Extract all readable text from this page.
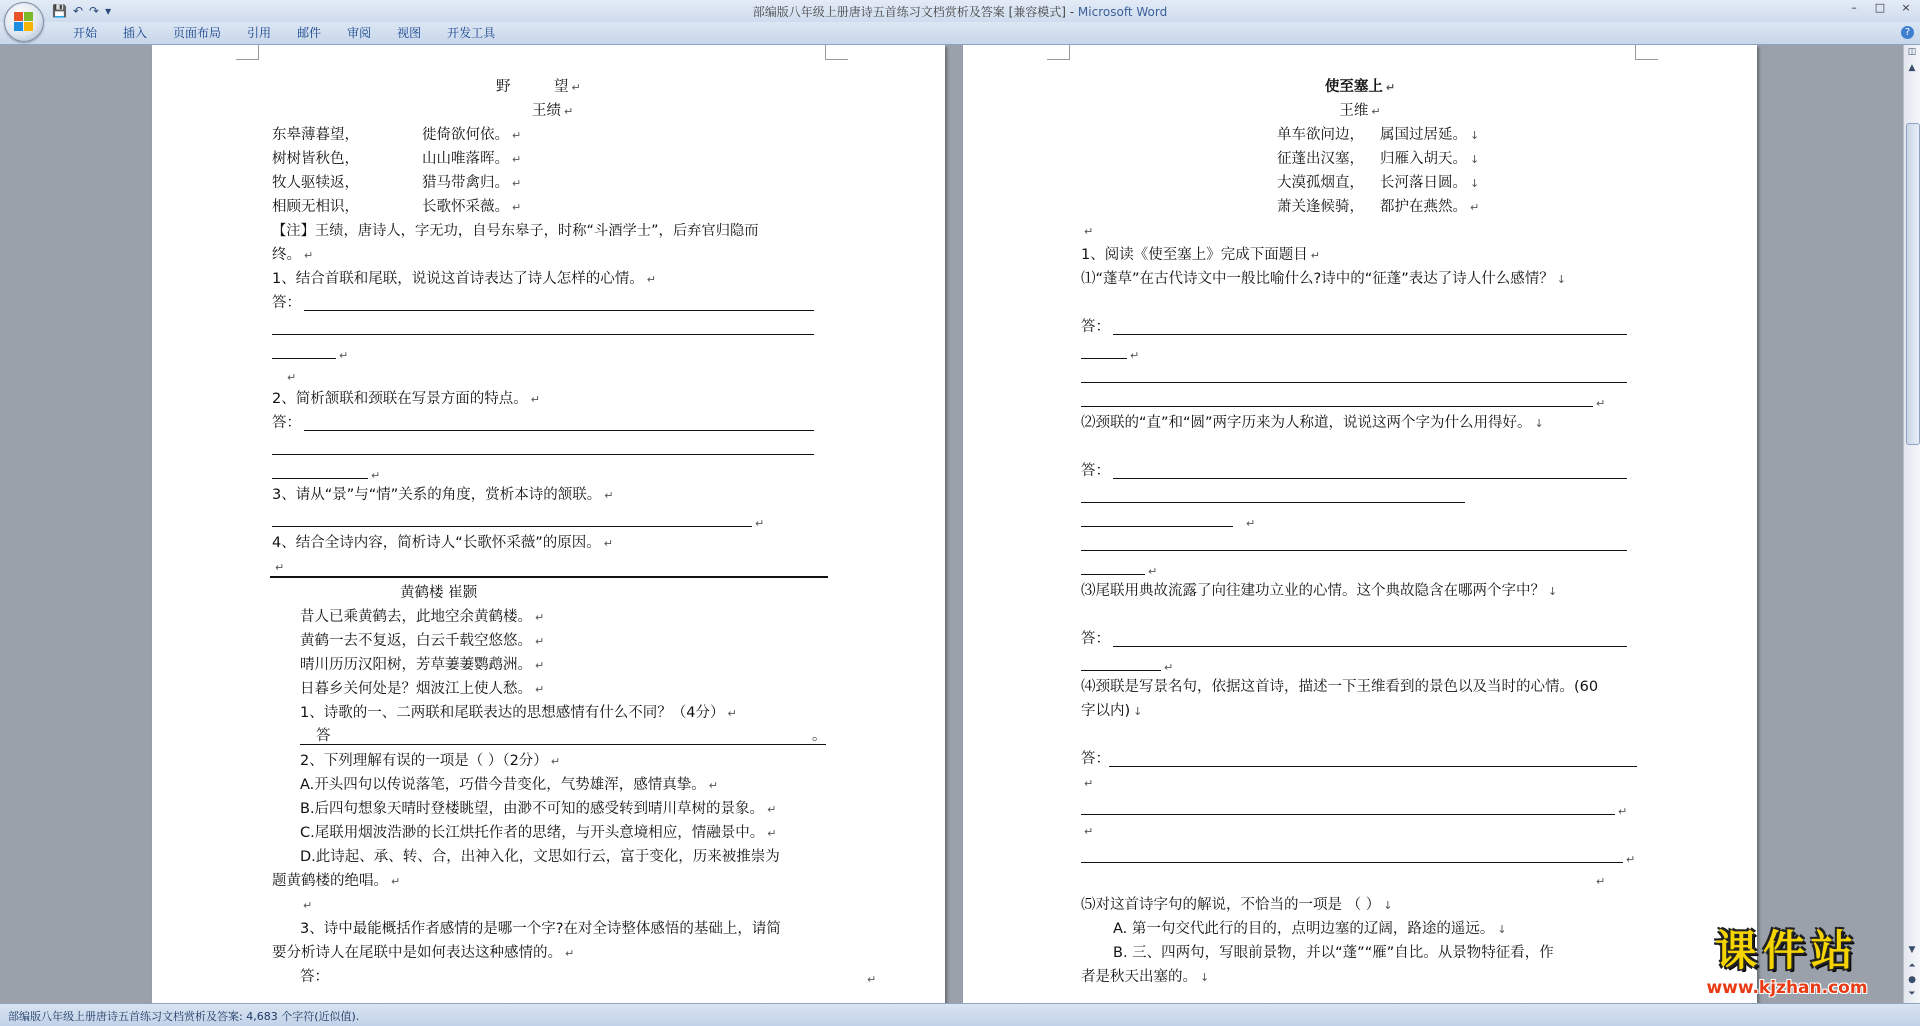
💾 ↶ ↷ ▾	部编版八年级上册唐诗五首练习文档赏析及答案 [兼容模式] - Microsoft Word	–	□	×
开始	插入	页面布局	引用	邮件	审阅	视图	开发工具	?
野　　　望 ↵
王绩 ↵
东皋薄暮望，	徙倚欲何依。 ↵
树树皆秋色，	山山唯落晖。 ↵
牧人驱犊返，	猎马带禽归。 ↵
相顾无相识，	长歌怀采薇。 ↵
【注】王绩，唐诗人，字无功，自号东皋子，时称“斗酒学士”，后弃官归隐而
终。 ↵
1、结合首联和尾联，说说这首诗表达了诗人怎样的心情。 ↵
答：
↵
↵
2、简析颔联和颈联在写景方面的特点。 ↵
答：
↵
3、请从“景”与“情”关系的角度，赏析本诗的颔联。 ↵
↵
4、结合全诗内容，简析诗人“长歌怀采薇”的原因。 ↵
↵
黄鹤楼 崔颢
昔人已乘黄鹤去，此地空余黄鹤楼。 ↵
黄鹤一去不复返，白云千载空悠悠。 ↵
晴川历历汉阳树，芳草萋萋鹦鹉洲。 ↵
日暮乡关何处是？烟波江上使人愁。 ↵
1、诗歌的一、二两联和尾联表达的思想感情有什么不同？（4分） ↵
答	。
2、下列理解有误的一项是（ ）（2分） ↵
A.开头四句以传说落笔，巧借今昔变化，气势雄浑，感情真挚。 ↵
B.后四句想象天晴时登楼眺望，由渺不可知的感受转到晴川草树的景象。 ↵
C.尾联用烟波浩渺的长江烘托作者的思绪，与开头意境相应，情融景中。 ↵
D.此诗起、承、转、合，出神入化，文思如行云，富于变化，历来被推崇为
题黄鹤楼的绝唱。 ↵
↵
3、诗中最能概括作者感情的是哪一个字?在对全诗整体感悟的基础上，请简
要分析诗人在尾联中是如何表达这种感情的。 ↵
答：	↵
使至塞上 ↵
王维 ↵
单车欲问边， 属国过居延。 ↓
征蓬出汉塞， 归雁入胡天。 ↓
大漠孤烟直， 长河落日圆。 ↓
萧关逢候骑， 都护在燕然。 ↵
↵
1、阅读《使至塞上》完成下面题目 ↵
⑴“蓬草”在古代诗文中一般比喻什么?诗中的“征蓬”表达了诗人什么感情？ ↓
答：
↵
↵
⑵颈联的“直”和“圆”两字历来为人称道，说说这两个字为什么用得好。 ↓
答：
↵
↵
⑶尾联用典故流露了向往建功立业的心情。这个典故隐含在哪两个字中？ ↓
答：
↵
⑷颈联是写景名句，依据这首诗，描述一下王维看到的景色以及当时的心情。(60
字以内) ↓
答：
↵
↵
↵
↵
↵
⑸对这首诗字句的解说，不恰当的一项是 （ ） ↓
A. 第一句交代此行的目的，点明边塞的辽阔，路途的遥远。 ↓
B. 三、四两句，写眼前景物，并以“蓬”“雁”自比。从景物特征看，作
者是秋天出塞的。 ↓
◫
▲
▼
⏶
●
⏷
部编版八年级上册唐诗五首练习文档赏析及答案: 4,683 个字符(近似值).
课件站
www.kjzhan.com
